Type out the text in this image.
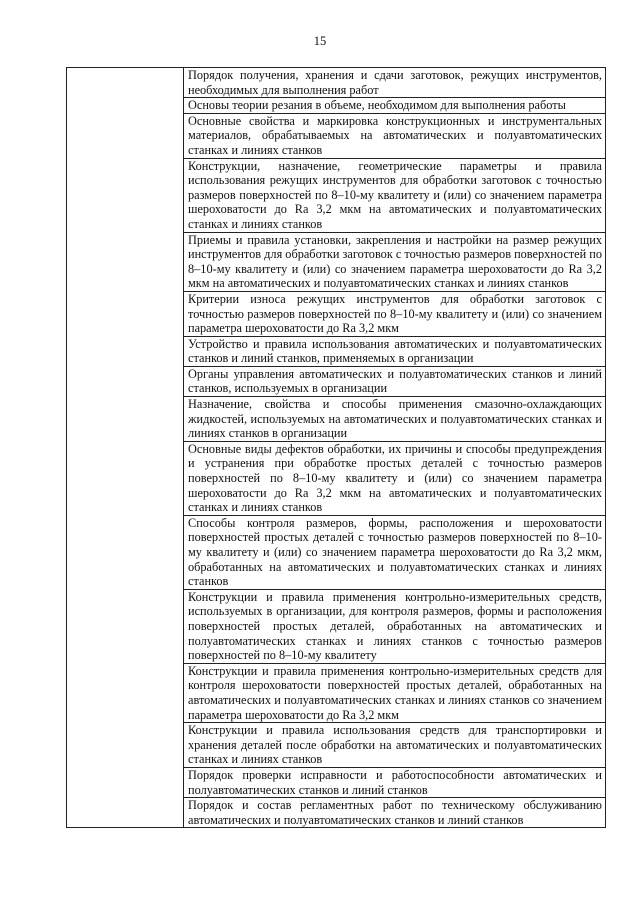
15
	Порядок получения, хранения и сдачи заготовок, режущих инструментов, необходимых для выполнения работ
Основы теории резания в объеме, необходимом для выполнения работы
Основные свойства и маркировка конструкционных и инструментальных материалов, обрабатываемых на автоматических и полуавтоматических станках и линиях станков
Конструкции, назначение, геометрические параметры и правила использования режущих инструментов для обработки заготовок с точностью размеров поверхностей по 8–10-му квалитету и (или) со значением параметра шероховатости до Ra 3,2 мкм на автоматических и полуавтоматических станках и линиях станков
Приемы и правила установки, закрепления и настройки на размер режущих инструментов для обработки заготовок с точностью размеров поверхностей по 8–10-му квалитету и (или) со значением параметра шероховатости до Ra 3,2 мкм на автоматических и полуавтоматических станках и линиях станков
Критерии износа режущих инструментов для обработки заготовок с точностью размеров поверхностей по 8–10-му квалитету и (или) со значением параметра шероховатости до Ra 3,2 мкм
Устройство и правила использования автоматических и полуавтоматических станков и линий станков, применяемых в организации
Органы управления автоматических и полуавтоматических станков и линий станков, используемых в организации
Назначение, свойства и способы применения смазочно-охлаждающих жидкостей, используемых на автоматических и полуавтоматических станках и линиях станков в организации
Основные виды дефектов обработки, их причины и способы предупреждения и устранения при обработке простых деталей с точностью размеров поверхностей по 8–10-му квалитету и (или) со значением параметра шероховатости до Ra 3,2 мкм на автоматических и полуавтоматических станках и линиях станков
Способы контроля размеров, формы, расположения и шероховатости поверхностей простых деталей с точностью размеров поверхностей по 8–10-му квалитету и (или) со значением параметра шероховатости до Ra 3,2 мкм, обработанных на автоматических и полуавтоматических станках и линиях станков
Конструкции и правила применения контрольно-измерительных средств, используемых в организации, для контроля размеров, формы и расположения поверхностей простых деталей, обработанных на автоматических и полуавтоматических станках и линиях станков с точностью размеров поверхностей по 8–10-му квалитету
Конструкции и правила применения контрольно-измерительных средств для контроля шероховатости поверхностей простых деталей, обработанных на автоматических и полуавтоматических станках и линиях станков со значением параметра шероховатости до Ra 3,2 мкм
Конструкции и правила использования средств для транспортировки и хранения деталей после обработки на автоматических и полуавтоматических станках и линиях станков
Порядок проверки исправности и работоспособности автоматических и полуавтоматических станков и линий станков
Порядок и состав регламентных работ по техническому обслуживанию автоматических и полуавтоматических станков и линий станков
